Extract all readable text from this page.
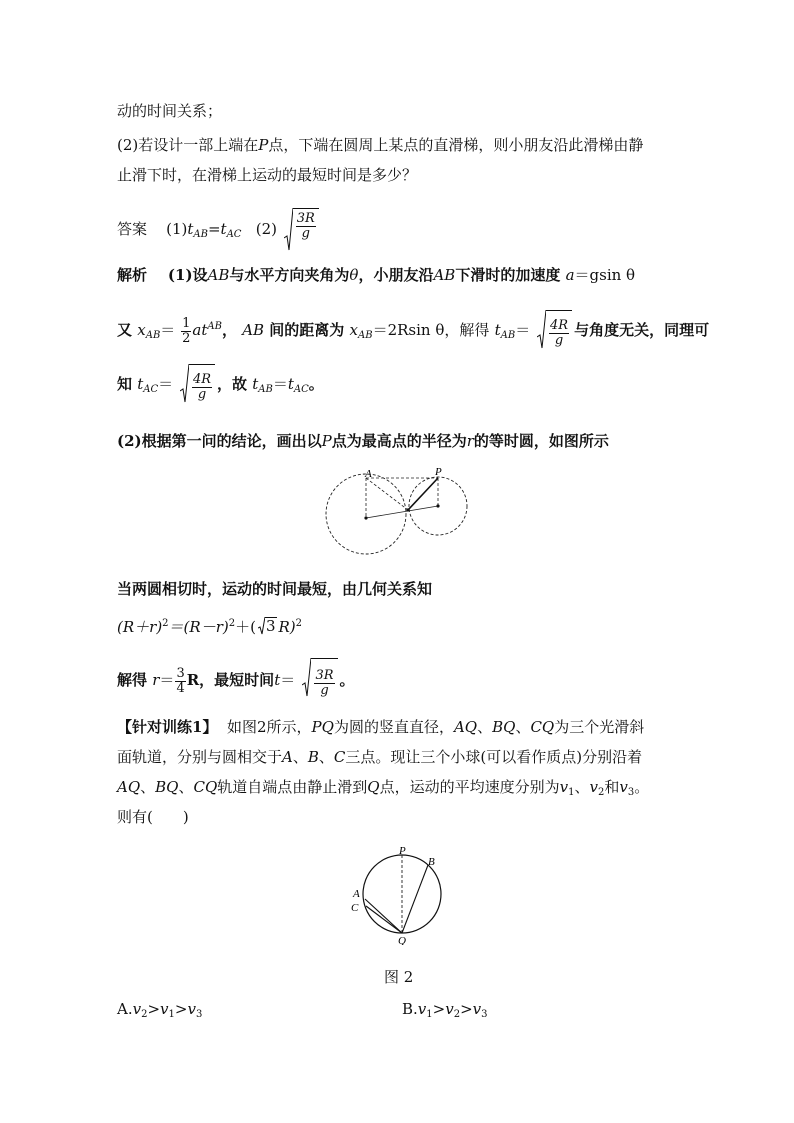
动的时间关系；
(2)若设计一部上端在P点，下端在圆周上某点的直滑梯，则小朋友沿此滑梯由静
止滑下时，在滑梯上运动的最短时间是多少？
答案 $(1)t_{AB}=t_{AC}$ $(2) \frac{3R}{g}$
解析 (1)设AB与水平方向夹角为θ，小朋友沿AB下滑时的加速度 a＝gsin θ
又 $x_{AB}= \frac{1}{2} at^{AB}$， AB 间的距离为 $x_{AB}=2Rsin$ θ，解得 $t_{AB}= \frac{4R}{g}$ 与角度无关，同理可
知 $t_{AC}= \frac{4R}{g}$ ，故 $t_{AB}=t_{AC}$。
(2)根据第一问的结论，画出以P点为最高点的半径为r的等时圆，如图所示
A	P
当两圆相切时，运动的时间最短，由几何关系知
$(R+r)^2=(R-r)^2+$( 3 R)$^2$
解得 $r= \frac{3}{4}$ R，最短时间$t= \frac{3R}{g}$ 。
【针对训练1】 如图2所示，PQ为圆的竖直直径，AQ、BQ、CQ为三个光滑斜
面轨道，分别与圆相交于A、B、C三点。现让三个小球(可以看作质点)分别沿着
AQ、BQ、CQ轨道自端点由静止滑到Q点，运动的平均速度分别为$v_1$、$v_2$和$v_3$。
则有(　　)
P
B
A
C
Q
图 2
$A.v_2>v_1>v_3$	$B.v_1>v_2>v_3$
